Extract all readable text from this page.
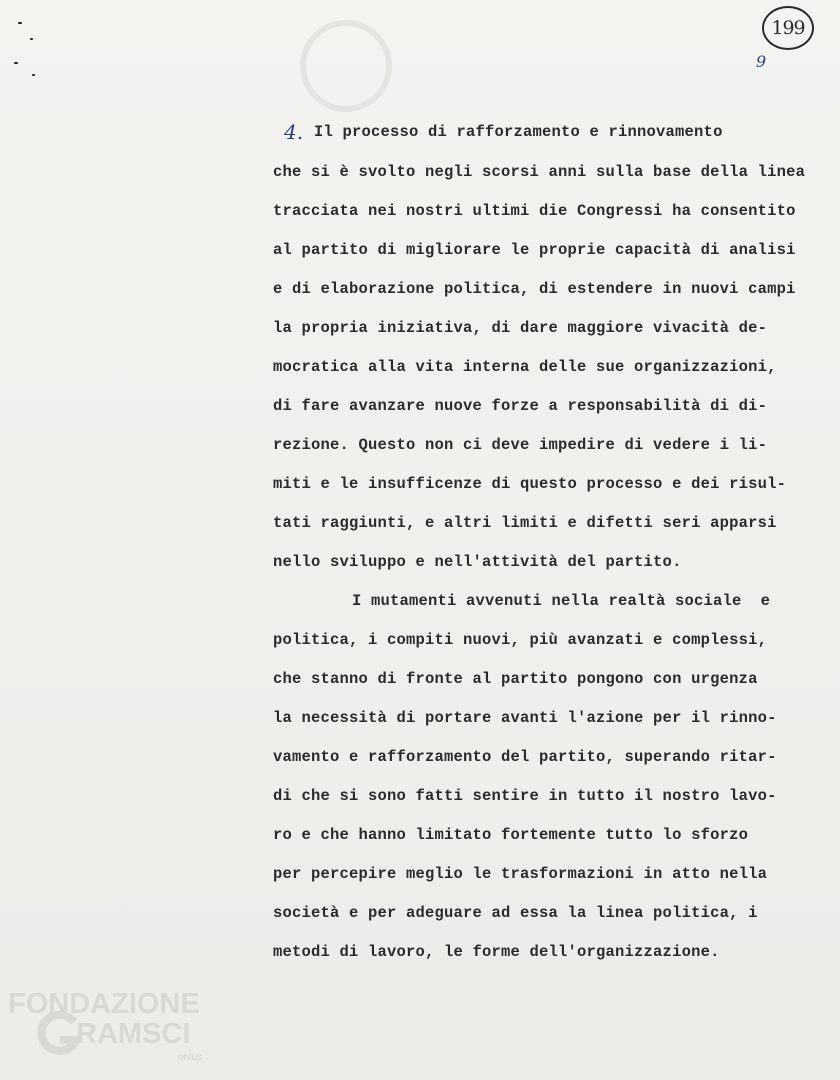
199
9
4. Il processo di rafforzamento e rinnovamento
che si è svolto negli scorsi anni sulla base della linea
tracciata nei nostri ultimi die Congressi ha consentito
al partito di migliorare le proprie capacità di analisi
e di elaborazione politica, di estendere in nuovi campi
la propria iniziativa, di dare maggiore vivacità de-
mocratica alla vita interna delle sue organizzazioni,
di fare avanzare nuove forze a responsabilità di di-
rezione. Questo non ci deve impedire di vedere i li-
miti e le insufficenze di questo processo e dei risul-
tati raggiunti, e altri limiti e difetti seri apparsi
nello sviluppo e nell'attività del partito.
I mutamenti avvenuti nella realtà sociale  e
politica, i compiti nuovi, più avanzati e complessi,
che stanno di fronte al partito pongono con urgenza
la necessità di portare avanti l'azione per il rinno-
vamento e rafforzamento del partito, superando ritar-
di che si sono fatti sentire in tutto il nostro lavo-
ro e che hanno limitato fortemente tutto lo sforzo
per percepire meglio le trasformazioni in atto nella
società e per adeguare ad essa la linea politica, i
metodi di lavoro, le forme dell'organizzazione.
FONDAZIONE
RAMSCI
onlus
